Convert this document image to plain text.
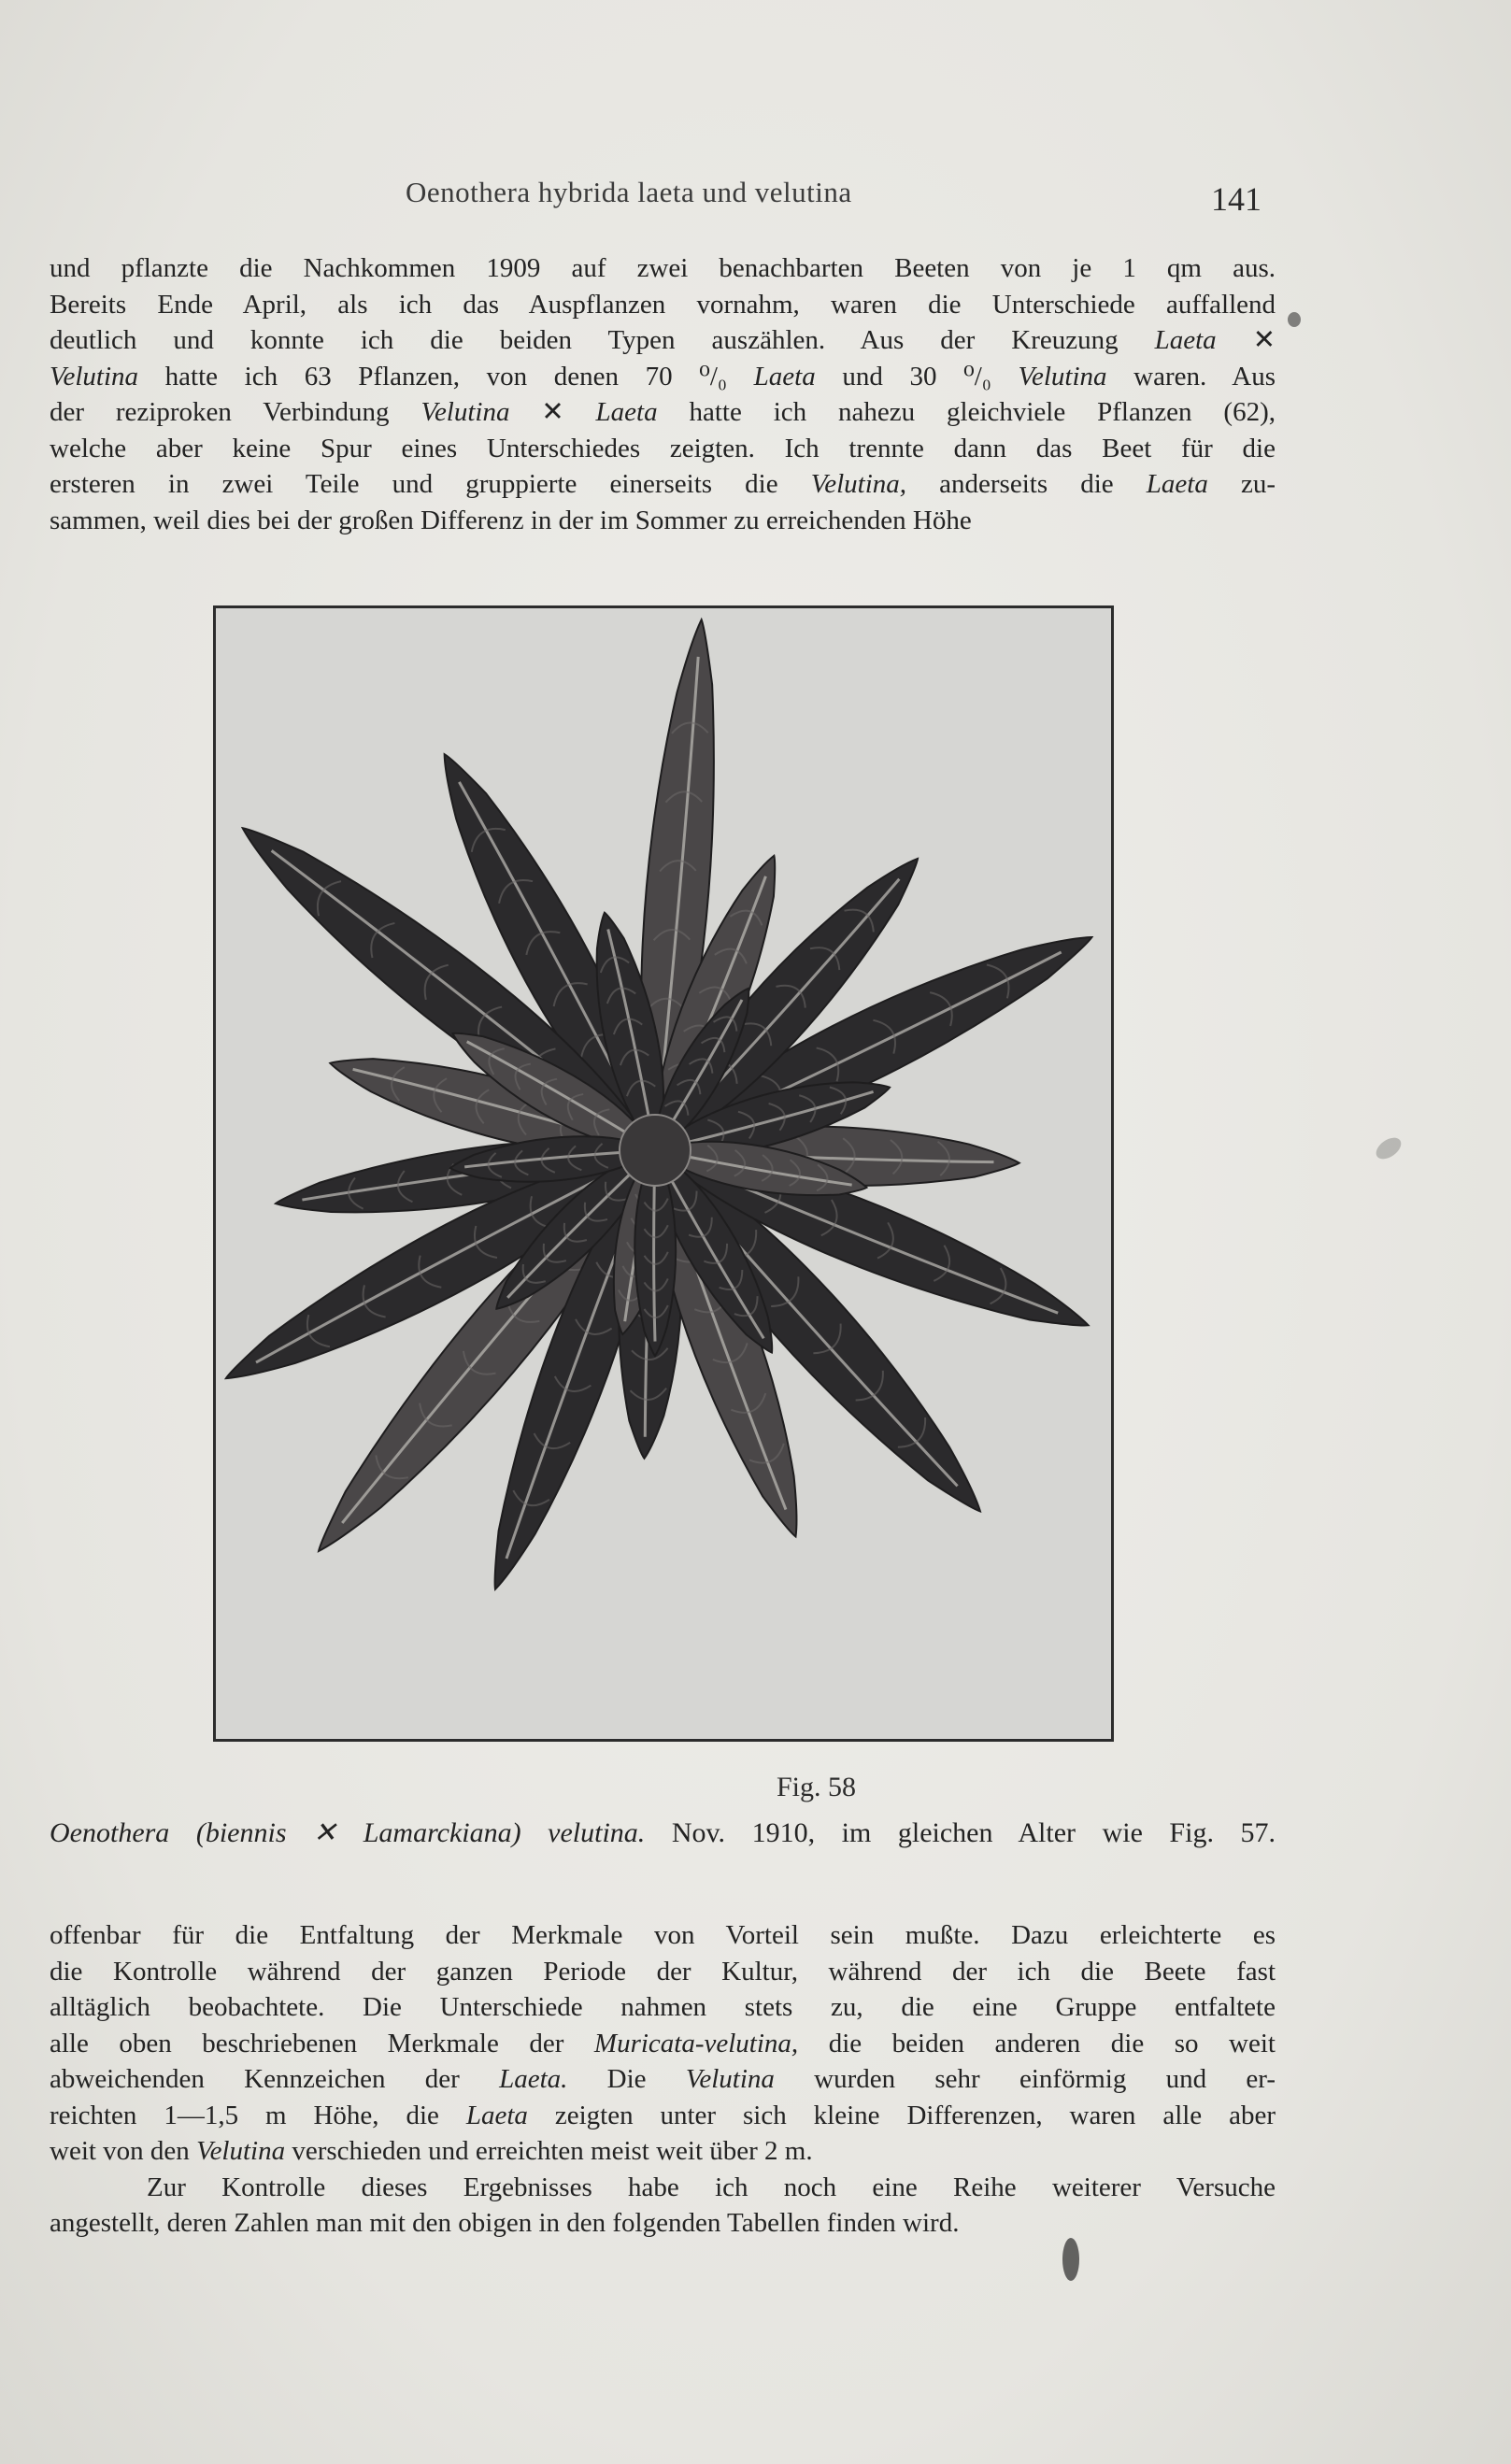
Oenothera hybrida laeta und velutina	141
und pflanzte die Nachkommen 1909 auf zwei benachbarten Beeten von je 1 qm aus.
Bereits Ende April, als ich das Auspflanzen vornahm, waren die Unterschiede auffallend
deutlich und konnte ich die beiden Typen auszählen. Aus der Kreuzung Laeta ✕
Velutina hatte ich 63 Pflanzen, von denen 70 ⁰/₀ Laeta und 30 ⁰/₀ Velutina waren. Aus
der reziproken Verbindung Velutina ✕ Laeta hatte ich nahezu gleichviele Pflanzen (62),
welche aber keine Spur eines Unterschiedes zeigten. Ich trennte dann das Beet für die
ersteren in zwei Teile und gruppierte einerseits die Velutina, anderseits die Laeta zu-
sammen, weil dies bei der großen Differenz in der im Sommer zu erreichenden Höhe
Fig. 58
Oenothera (biennis ✕ Lamarckiana) velutina. Nov. 1910, im gleichen Alter wie Fig. 57.
offenbar für die Entfaltung der Merkmale von Vorteil sein mußte. Dazu erleichterte es
die Kontrolle während der ganzen Periode der Kultur, während der ich die Beete fast
alltäglich beobachtete. Die Unterschiede nahmen stets zu, die eine Gruppe entfaltete
alle oben beschriebenen Merkmale der Muricata-velutina, die beiden anderen die so weit
abweichenden Kennzeichen der Laeta. Die Velutina wurden sehr einförmig und er-
reichten 1—1,5 m Höhe, die Laeta zeigten unter sich kleine Differenzen, waren alle aber
weit von den Velutina verschieden und erreichten meist weit über 2 m.
Zur Kontrolle dieses Ergebnisses habe ich noch eine Reihe weiterer Versuche
angestellt, deren Zahlen man mit den obigen in den folgenden Tabellen finden wird.
